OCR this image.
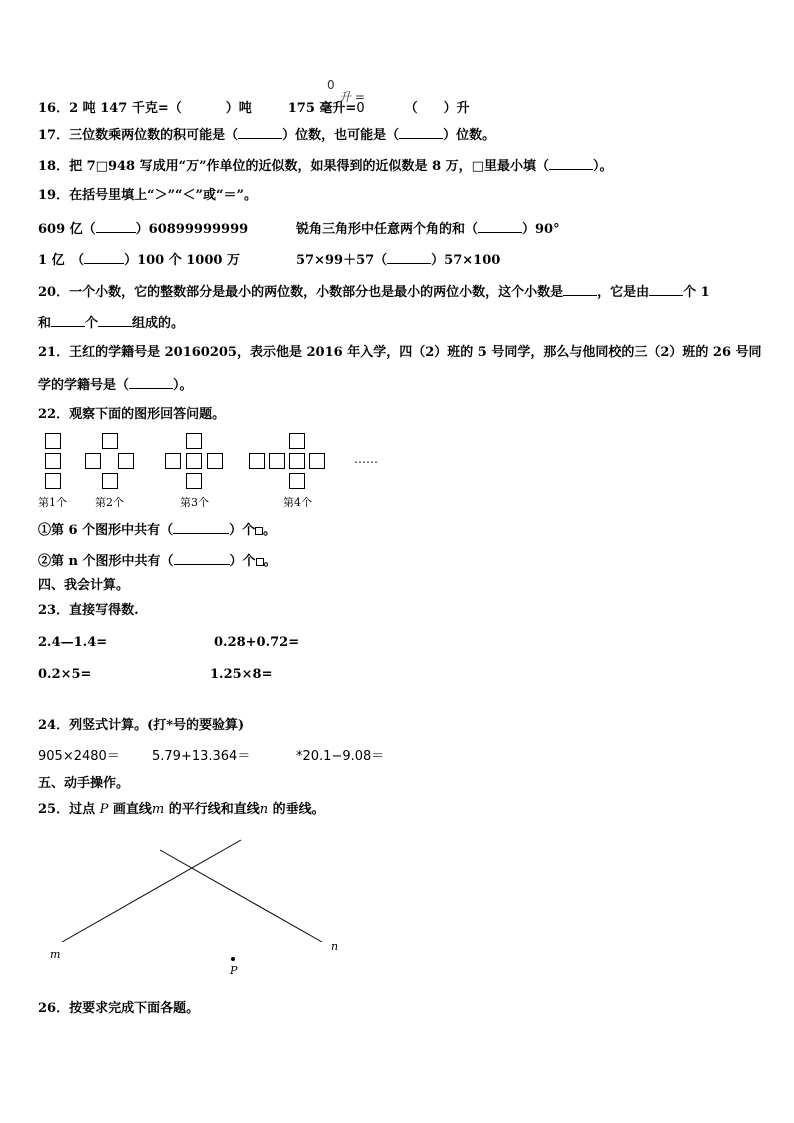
0
升 =
16．2 吨 147 千克=（	）吨	175 毫升=0	（　　）升
17．三位数乘两位数的积可能是（	）位数，也可能是（	）位数。
18．把 7□948 写成用“万”作单位的近似数，如果得到的近似数是 8 万，□里最小填（	）。
19．在括号里填上“＞”“＜”或“＝”。
609 亿（	）60899999999	锐角三角形中任意两个角的和（	）90°
1 亿　（	）100 个 1000 万	57×99＋57（	）57×100
20．一个小数，它的整数部分是最小的两位数，小数部分也是最小的两位小数，这个小数是	，它是由	个 1
和	个	组成的。
21．王红的学籍号是 20160205，表示他是 2016 年入学，四（2）班的 5 号同学，那么与他同校的三（2）班的 26 号同
学的学籍号是（	）。
22．观察下面的图形回答问题。
……
第1个	第2个	第3个	第4个
①第 6 个图形中共有（	）个 。
②第 n 个图形中共有（	）个 。
四、我会计算。
23．直接写得数.
2.4—1.4=	0.28+0.72=
0.2×5=	1.25×8=
24．列竖式计算。(打*号的要验算)
905×2480＝ 5.79+13.364＝	*20.1−9.08＝
五、动手操作。
25．过点 P 画直线m 的平行线和直线n 的垂线。
m
n
P
26．按要求完成下面各题。
